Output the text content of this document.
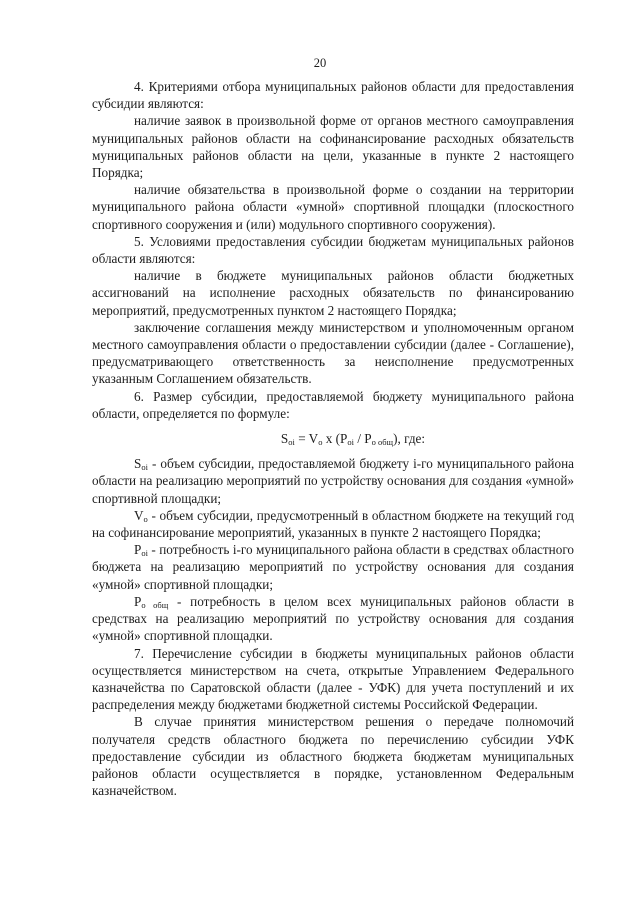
20

4. Критериями отбора муниципальных районов области для предоставления субсидии являются:

наличие заявок в произвольной форме от органов местного самоуправления муниципальных районов области на софинансирование расходных обязательств муниципальных районов области на цели, указанные в пункте 2 настоящего Порядка;

наличие обязательства в произвольной форме о создании на территории муниципального района области «умной» спортивной площадки (плоскостного спортивного сооружения и (или) модульного спортивного сооружения).

5. Условиями предоставления субсидии бюджетам муниципальных районов области являются:

наличие в бюджете муниципальных районов области бюджетных ассигнований на исполнение расходных обязательств по финансированию мероприятий, предусмотренных пунктом 2 настоящего Порядка;

заключение соглашения между министерством и уполномоченным органом местного самоуправления области о предоставлении субсидии (далее - Соглашение), предусматривающего ответственность за неисполнение предусмотренных указанным Соглашением обязательств.

6. Размер субсидии, предоставляемой бюджету муниципального района области, определяется по формуле:

$S_{oi} = V_o$ x $(P_{oi} / P_{o общ})$, где:

$S_{oi}$ - объем субсидии, предоставляемой бюджету i-го муниципального района области на реализацию мероприятий по устройству основания для создания «умной» спортивной площадки;

$V_o$ - объем субсидии, предусмотренный в областном бюджете на текущий год на софинансирование мероприятий, указанных в пункте 2 настоящего Порядка;

$P_{oi}$ - потребность i-го муниципального района области в средствах областного бюджета на реализацию мероприятий по устройству основания для создания «умной» спортивной площадки;

$P_{o общ}$ - потребность в целом всех муниципальных районов области в средствах на реализацию мероприятий по устройству основания для создания «умной» спортивной площадки.

7. Перечисление субсидии в бюджеты муниципальных районов области осуществляется министерством на счета, открытые Управлением Федерального казначейства по Саратовской области (далее - УФК) для учета поступлений и их распределения между бюджетами бюджетной системы Российской Федерации.

В случае принятия министерством решения о передаче полномочий получателя средств областного бюджета по перечислению субсидии УФК предоставление субсидии из областного бюджета бюджетам муниципальных районов области осуществляется в порядке, установленном Федеральным казначейством.
